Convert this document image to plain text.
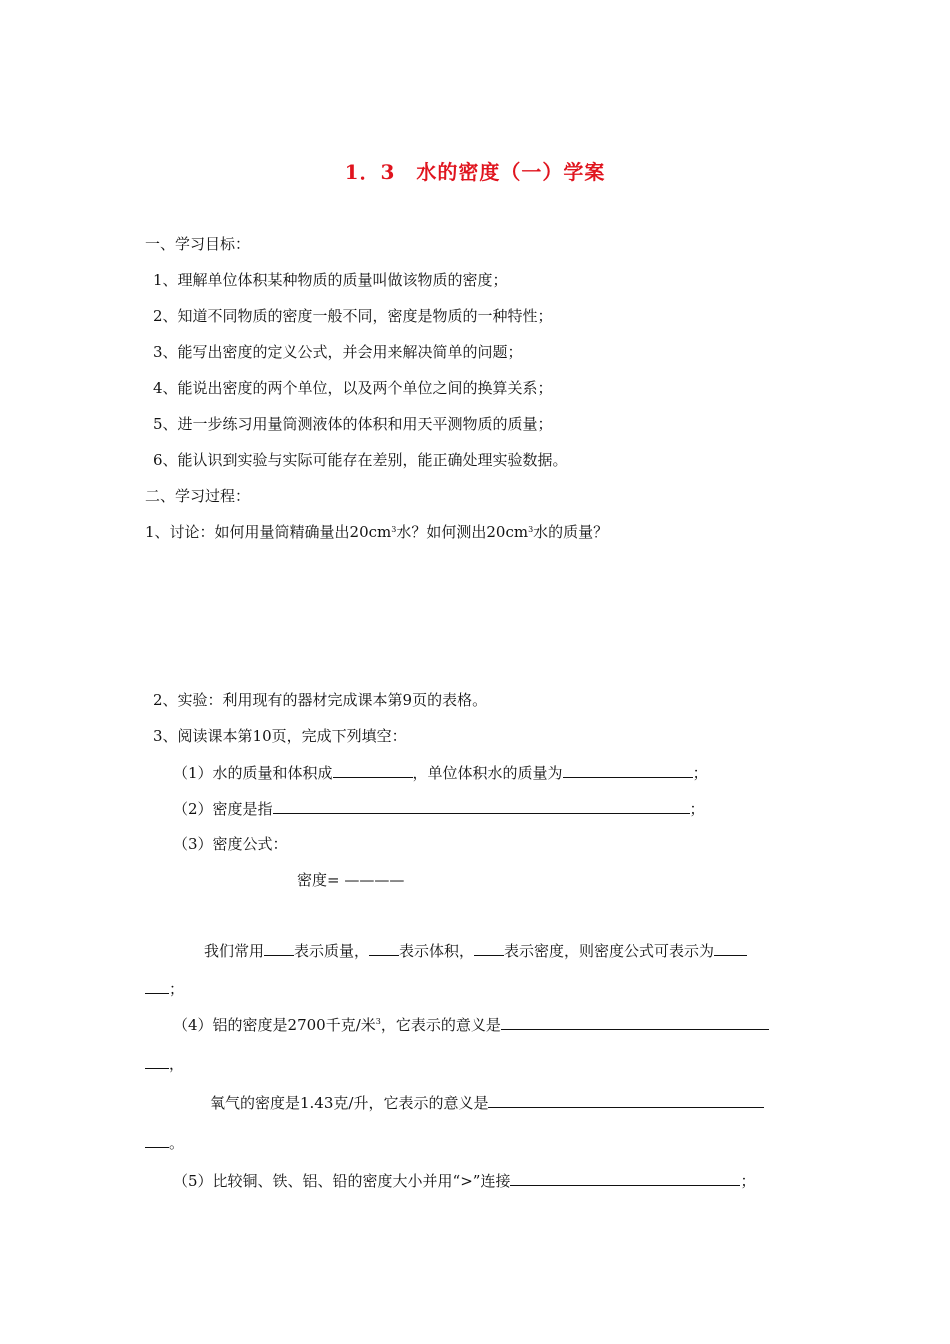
1．3　水的密度（一）学案
一、学习目标：
1、理解单位体积某种物质的质量叫做该物质的密度；
2、知道不同物质的密度一般不同，密度是物质的一种特性；
3、能写出密度的定义公式，并会用来解决简单的问题；
4、能说出密度的两个单位，以及两个单位之间的换算关系；
5、进一步练习用量筒测液体的体积和用天平测物质的质量；
6、能认识到实验与实际可能存在差别，能正确处理实验数据。
二、学习过程：
1、讨论：如何用量筒精确量出$20cm^3$水？如何测出$20cm^3$水的质量？
2、实验：利用现有的器材完成课本第9页的表格。
3、阅读课本第10页，完成下列填空：
（1）水的质量和体积成	，单位体积水的质量为	；
（2）密度是指	；
（3）密度公式：
密度= ————
我们常用 表示质量， 表示体积， 表示密度，则密度公式可表示为
；
（4）铝的密度是2700千克/米$^3$，它表示的意义是
，
氧气的密度是1.43克/升，它表示的意义是
。
（5）比较铜、铁、铝、铅的密度大小并用“>”连接	；
